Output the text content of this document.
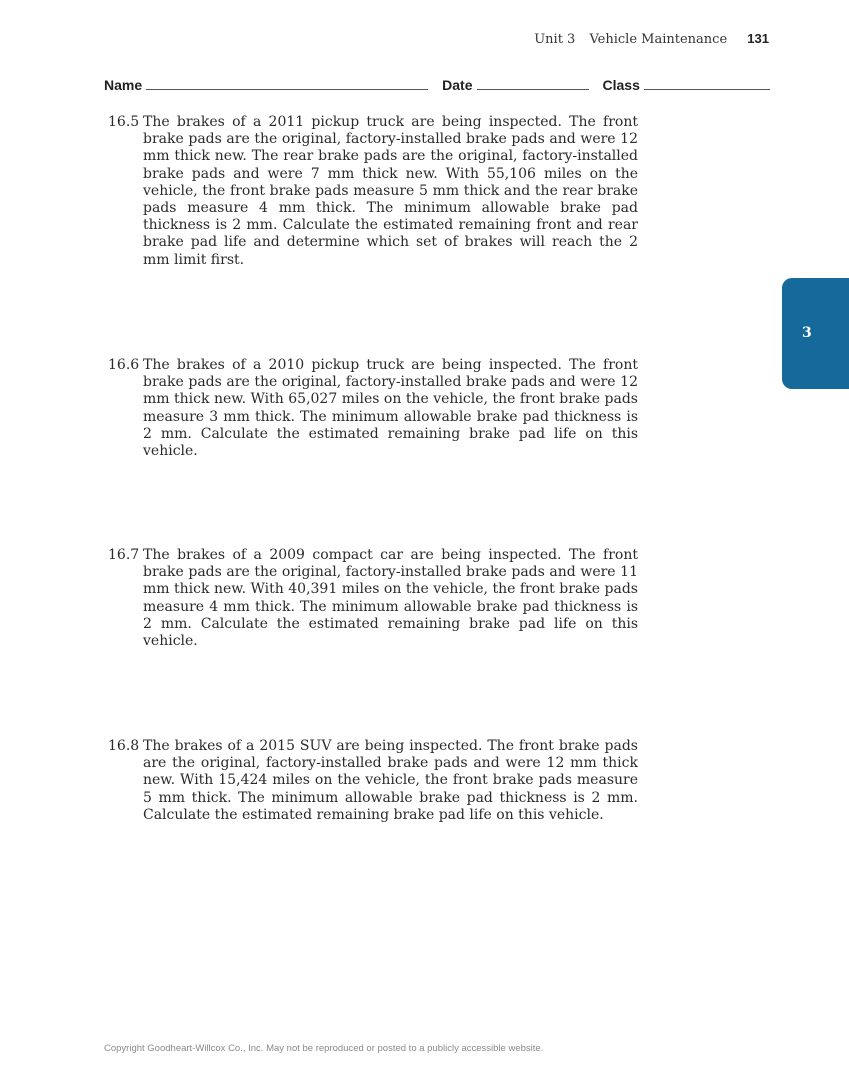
Unit 3 Vehicle Maintenance 131
Name	Date	Class
16.5 The brakes of a 2011 pickup truck are being inspected. The front brake pads are the original, factory-installed brake pads and were 12 mm thick new. The rear brake pads are the original, factory-installed brake pads and were 7 mm thick new. With 55,106 miles on the vehicle, the front brake pads measure 5 mm thick and the rear brake pads measure 4 mm thick. The minimum allowable brake pad thickness is 2 mm. Calculate the estimated remaining front and rear brake pad life and determine which set of brakes will reach the 2 mm limit first.
16.6 The brakes of a 2010 pickup truck are being inspected. The front brake pads are the original, factory-installed brake pads and were 12 mm thick new. With 65,027 miles on the vehicle, the front brake pads measure 3 mm thick. The minimum allowable brake pad thickness is 2 mm. Calculate the estimated remaining brake pad life on this vehicle.
16.7 The brakes of a 2009 compact car are being inspected. The front brake pads are the original, factory-installed brake pads and were 11 mm thick new. With 40,391 miles on the vehicle, the front brake pads measure 4 mm thick. The minimum allowable brake pad thickness is 2 mm. Calculate the estimated remaining brake pad life on this vehicle.
16.8 The brakes of a 2015 SUV are being inspected. The front brake pads are the original, factory-installed brake pads and were 12 mm thick new. With 15,424 miles on the vehicle, the front brake pads measure 5 mm thick. The minimum allowable brake pad thickness is 2 mm. Calculate the estimated remaining brake pad life on this vehicle.
3
Copyright Goodheart-Willcox Co., Inc. May not be reproduced or posted to a publicly accessible website.
